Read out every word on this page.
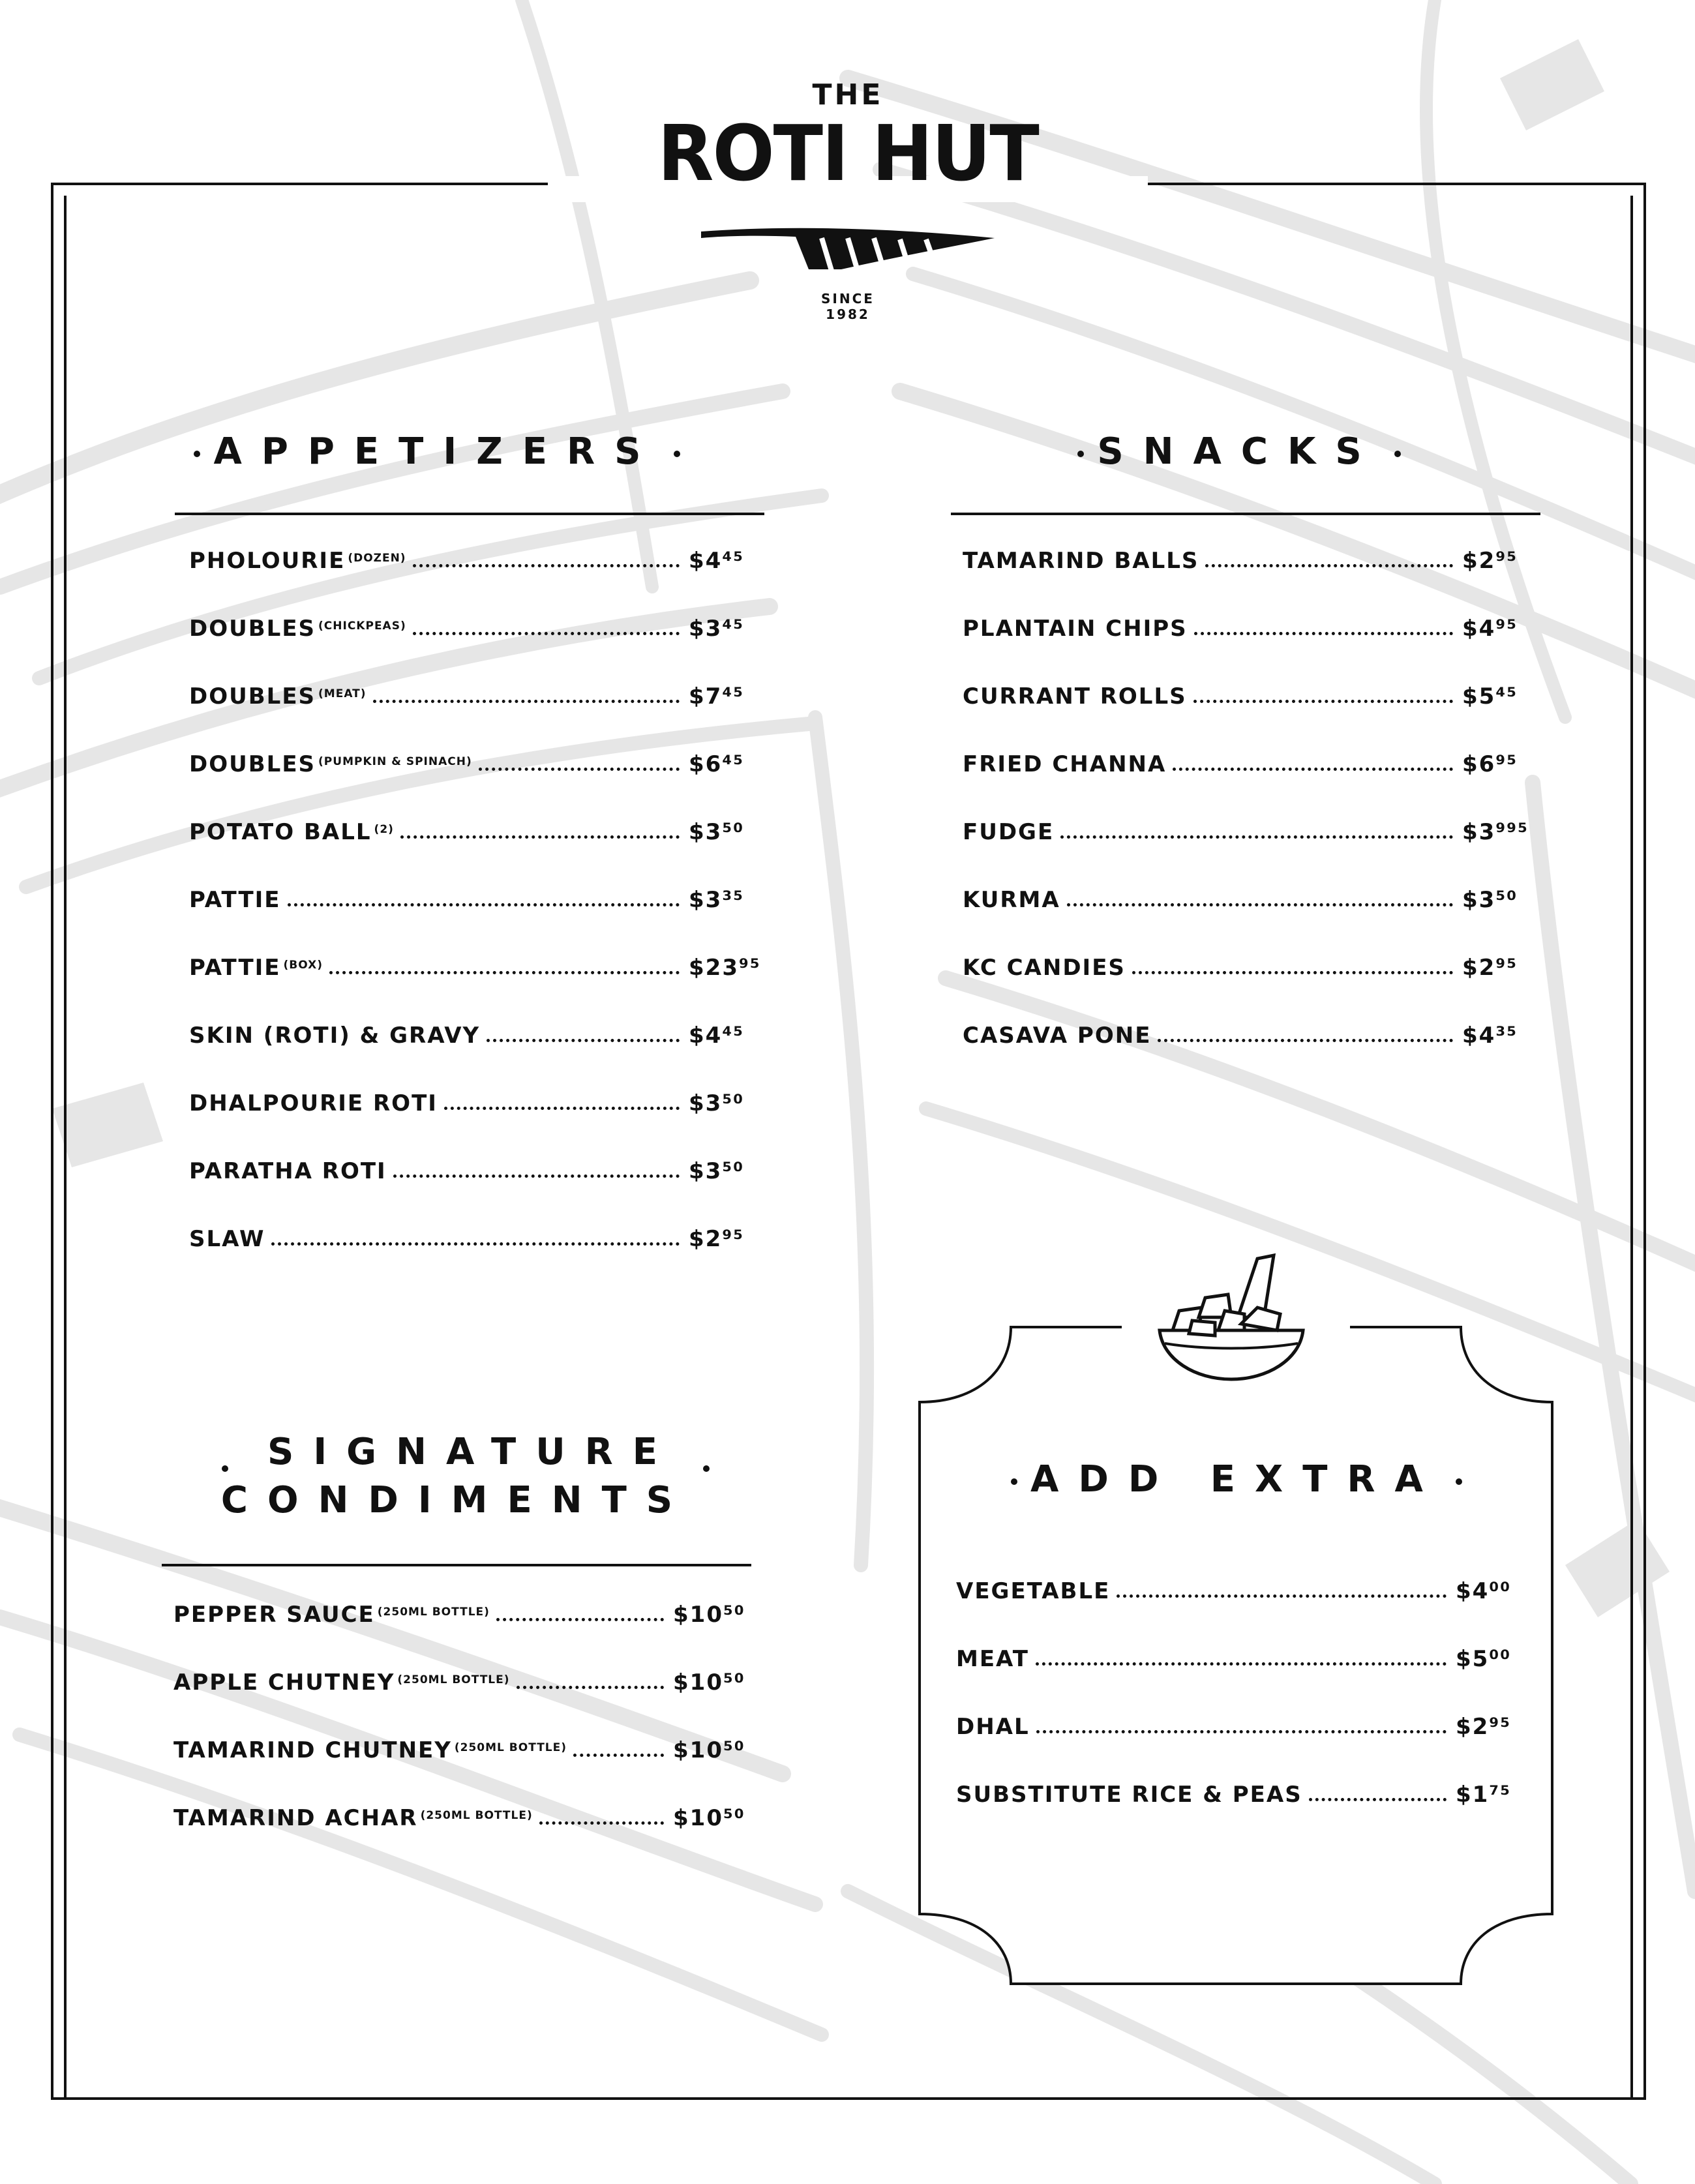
THE
ROTI HUT
SINCE
1982
APPETIZERS
PHOLOURIE (DOZEN)	$4⁴⁵
DOUBLES (CHICKPEAS)	$3⁴⁵
DOUBLES (MEAT)	$7⁴⁵
DOUBLES (PUMPKIN & SPINACH)	$6⁴⁵
POTATO BALL (2)	$3⁵⁰
PATTIE	$3³⁵
PATTIE (BOX)	$23⁹⁵
SKIN (ROTI) & GRAVY	$4⁴⁵
DHALPOURIE ROTI	$3⁵⁰
PARATHA ROTI	$3⁵⁰
SLAW	$2⁹⁵
SNACKS
TAMARIND BALLS	$2⁹⁵
PLANTAIN CHIPS	$4⁹⁵
CURRANT ROLLS	$5⁴⁵
FRIED CHANNA	$6⁹⁵
FUDGE	$3⁹⁹⁵
KURMA	$3⁵⁰
KC CANDIES	$2⁹⁵
CASAVA PONE	$4³⁵
SIGNATURE
CONDIMENTS
PEPPER SAUCE (250ML BOTTLE)	$10⁵⁰
APPLE CHUTNEY (250ML BOTTLE)	$10⁵⁰
TAMARIND CHUTNEY (250ML BOTTLE)	$10⁵⁰
TAMARIND ACHAR (250ML BOTTLE)	$10⁵⁰
ADD EXTRA
VEGETABLE	$4⁰⁰
MEAT	$5⁰⁰
DHAL	$2⁹⁵
SUBSTITUTE RICE & PEAS	$1⁷⁵
